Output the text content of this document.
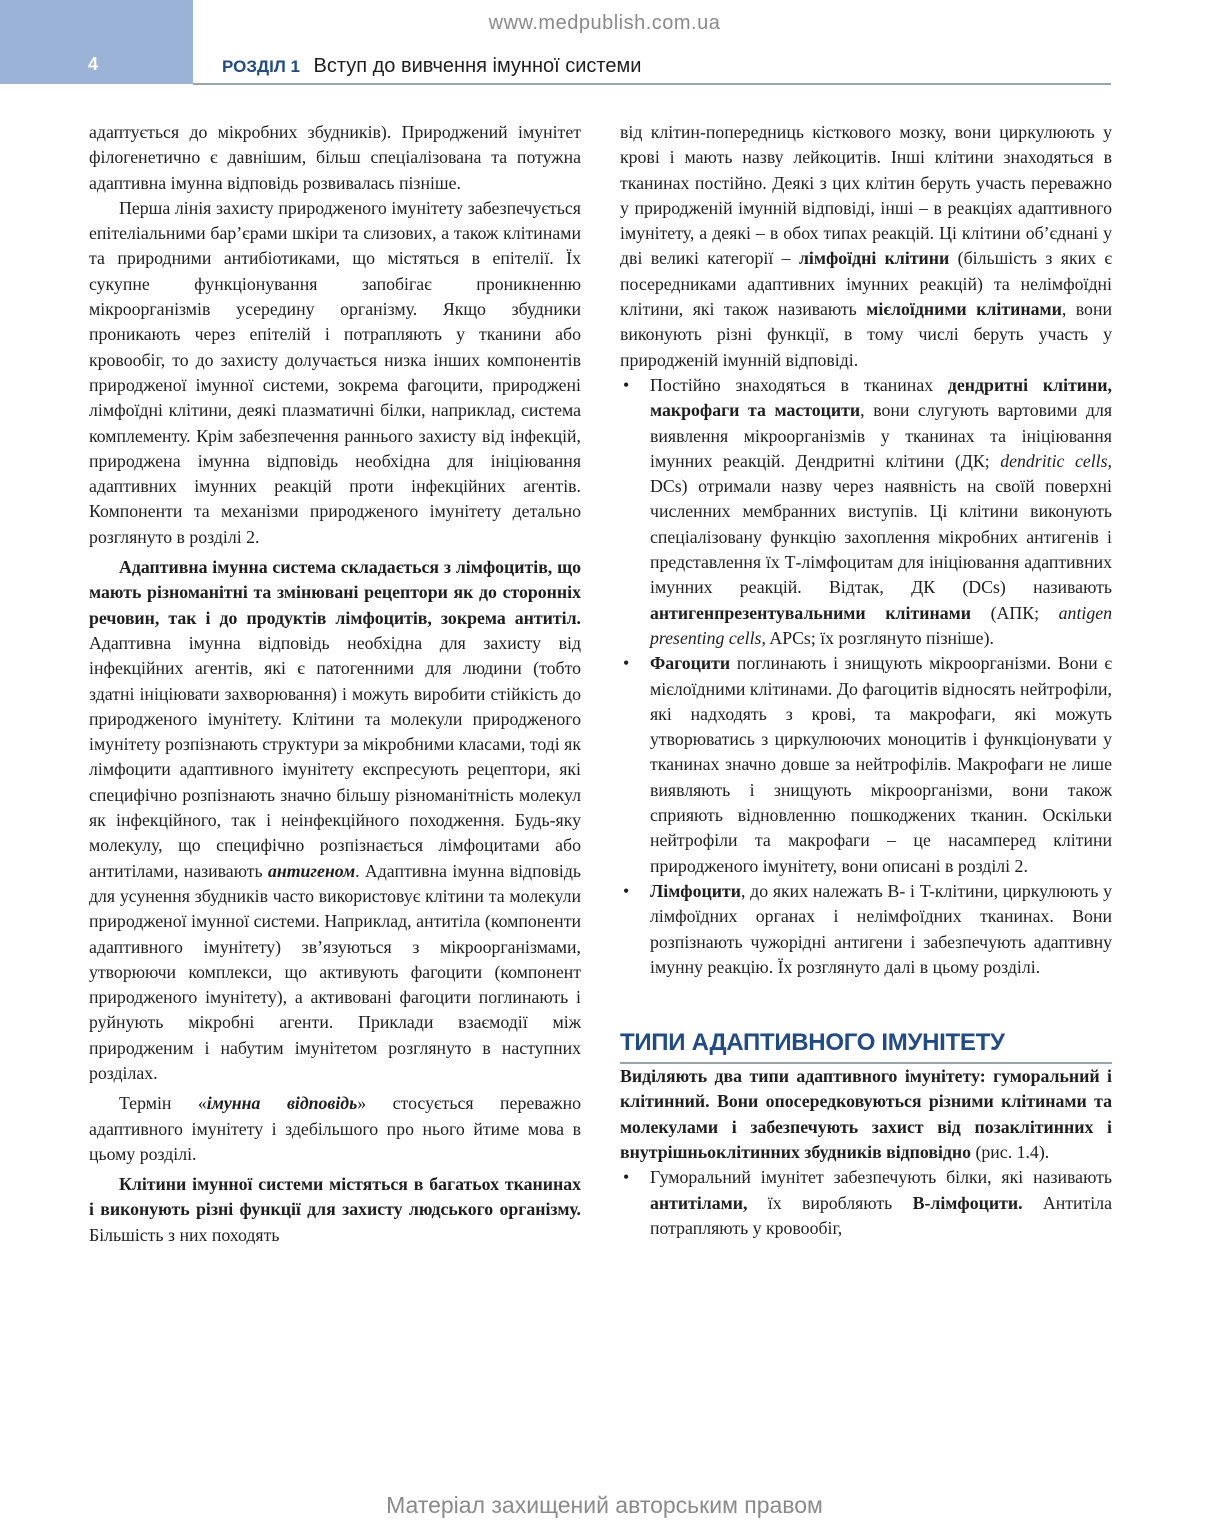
4
www.medpublish.com.ua
РОЗДІЛ 1 Вступ до вивчення імунної системи

адаптується до мікробних збудників). Природжений імунітет філогенетично є давнішим, більш спеціалізована та потужна адаптивна імунна відповідь розвивалась пізніше.

Перша лінія захисту природженого імунітету забезпечується епітеліальними бар’єрами шкіри та слизових, а також клітинами та природними антибіотиками, що містяться в епітелії. Їх сукупне функціонування запобігає проникненню мікроорганізмів усередину організму. Якщо збудники проникають через епітелій і потрапляють у тканини або кровообіг, то до захисту долучається низка інших компонентів природженої імунної системи, зокрема фагоцити, природжені лімфоїдні клітини, деякі плазматичні білки, наприклад, система комплементу. Крім забезпечення раннього захисту від інфекцій, природжена імунна відповідь необхідна для ініціювання адаптивних імунних реакцій проти інфекційних агентів. Компоненти та механізми природженого імунітету детально розглянуто в розділі 2.

Адаптивна імунна система складається з лімфоцитів, що мають різноманітні та змінювані рецептори як до сторонніх речовин, так і до продуктів лімфоцитів, зокрема антитіл. Адаптивна імунна відповідь необхідна для захисту від інфекційних агентів, які є патогенними для людини (тобто здатні ініціювати захворювання) і можуть виробити стійкість до природженого імунітету. Клітини та молекули природженого імунітету розпізнають структури за мікробними класами, тоді як лімфоцити адаптивного імунітету експресують рецептори, які специфічно розпізнають значно більшу різноманітність молекул як інфекційного, так і неінфекційного походження. Будь-яку молекулу, що специфічно розпізнається лімфоцитами або антитілами, називають антигеном. Адаптивна імунна відповідь для усунення збудників часто використовує клітини та молекули природженої імунної системи. Наприклад, антитіла (компоненти адаптивного імунітету) зв’язуються з мікроорганізмами, утворюючи комплекси, що активують фагоцити (компонент природженого імунітету), а активовані фагоцити поглинають і руйнують мікробні агенти. Приклади взаємодії між природженим і набутим імунітетом розглянуто в наступних розділах.

Термін «імунна відповідь» стосується переважно адаптивного імунітету і здебільшого про нього йтиме мова в цьому розділі.

Клітини імунної системи містяться в багатьох тканинах і виконують різні функції для захисту людського організму. Більшість з них походять

від клітин-попередниць кісткового мозку, вони циркулюють у крові і мають назву лейкоцитів. Інші клітини знаходяться в тканинах постійно. Деякі з цих клітин беруть участь переважно у природженій імунній відповіді, інші – в реакціях адаптивного імунітету, а деякі – в обох типах реакцій. Ці клітини об’єднані у дві великі категорії – лімфоїдні клітини (більшість з яких є посередниками адаптивних імунних реакцій) та нелімфоїдні клітини, які також називають мієлоїдними клітинами, вони виконують різні функції, в тому числі беруть участь у природженій імунній відповіді.

• Постійно знаходяться в тканинах дендритні клітини, макрофаги та мастоцити, вони слугують вартовими для виявлення мікроорганізмів у тканинах та ініціювання імунних реакцій. Дендритні клітини (ДК; dendritic cells, DCs) отримали назву через наявність на своїй поверхні численних мембранних виступів. Ці клітини виконують спеціалізовану функцію захоплення мікробних антигенів і представлення їх Т-лімфоцитам для ініціювання адаптивних імунних реакцій. Відтак, ДК (DCs) називають антигенпрезентувальними клітинами (АПК; antigen presenting cells, APCs; їх розглянуто пізніше).
• Фагоцити поглинають і знищують мікроорганізми. Вони є мієлоїдними клітинами. До фагоцитів відносять нейтрофіли, які надходять з крові, та макрофаги, які можуть утворюватись з циркулюючих моноцитів і функціонувати у тканинах значно довше за нейтрофілів. Макрофаги не лише виявляють і знищують мікроорганізми, вони також сприяють відновленню пошкоджених тканин. Оскільки нейтрофіли та макрофаги – це насамперед клітини природженого імунітету, вони описані в розділі 2.
• Лімфоцити, до яких належать B- і T-клітини, циркулюють у лімфоїдних органах і нелімфоїдних тканинах. Вони розпізнають чужорідні антигени і забезпечують адаптивну імунну реакцію. Їх розглянуто далі в цьому розділі.
ТИПИ АДАПТИВНОГО ІМУНІТЕТУ

Виділяють два типи адаптивного імунітету: гуморальний і клітинний. Вони опосередковуються різними клітинами та молекулами і забезпечують захист від позаклітинних і внутрішньоклітинних збудників відповідно (рис. 1.4).

• Гуморальний імунітет забезпечують білки, які називають антитілами, їх виробляють B-лімфоцити. Антитіла потрапляють у кровообіг,
Матеріал захищений авторським правом
